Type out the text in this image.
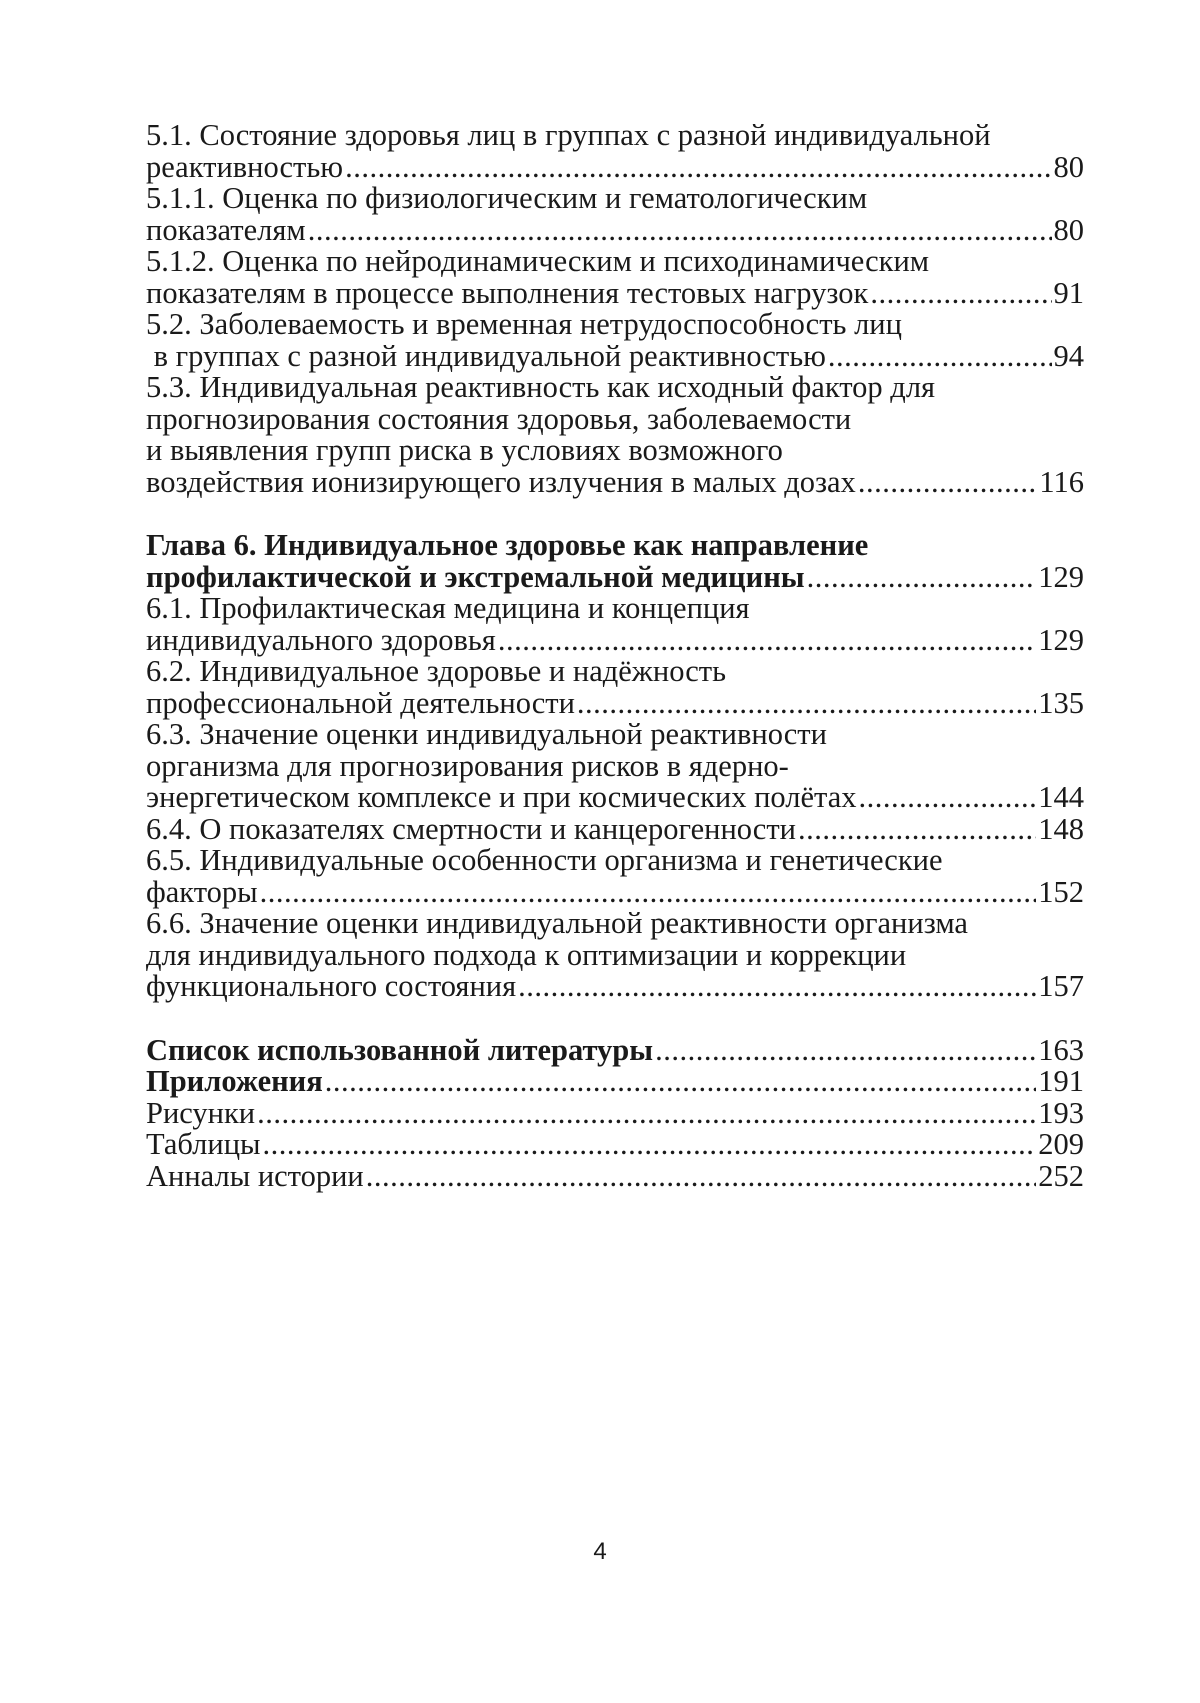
5.1. Состояние здоровья лиц в группах с разной индивидуальной
реактивностью .....	80
5.1.1. Оценка по физиологическим и гематологическим
показателям .....	80
5.1.2. Оценка по нейродинамическим и психодинамическим
показателям в процессе выполнения тестовых нагрузок .....	91
5.2. Заболеваемость и временная нетрудоспособность лиц
в группах с разной индивидуальной реактивностью .....	94
5.3. Индивидуальная реактивность как исходный фактор для
прогнозирования состояния здоровья, заболеваемости
и выявления групп риска в условиях возможного
воздействия ионизирующего излучения в малых дозах .....	116
Глава 6. Индивидуальное здоровье как направление
профилактической и экстремальной медицины .....	129
6.1. Профилактическая медицина и концепция
индивидуального здоровья .....	129
6.2. Индивидуальное здоровье и надёжность
профессиональной деятельности .....	135
6.3. Значение оценки индивидуальной реактивности
организма для прогнозирования рисков в ядерно-
энергетическом комплексе и при космических полётах .....	144
6.4. О показателях смертности и канцерогенности .....	148
6.5. Индивидуальные особенности организма и генетические
факторы .....	152
6.6. Значение оценки индивидуальной реактивности организма
для индивидуального подхода к оптимизации и коррекции
функционального состояния .....	157
Список использованной литературы .....	163
Приложения .....	191
Рисунки .....	193
Таблицы .....	209
Анналы истории .....	252
4
